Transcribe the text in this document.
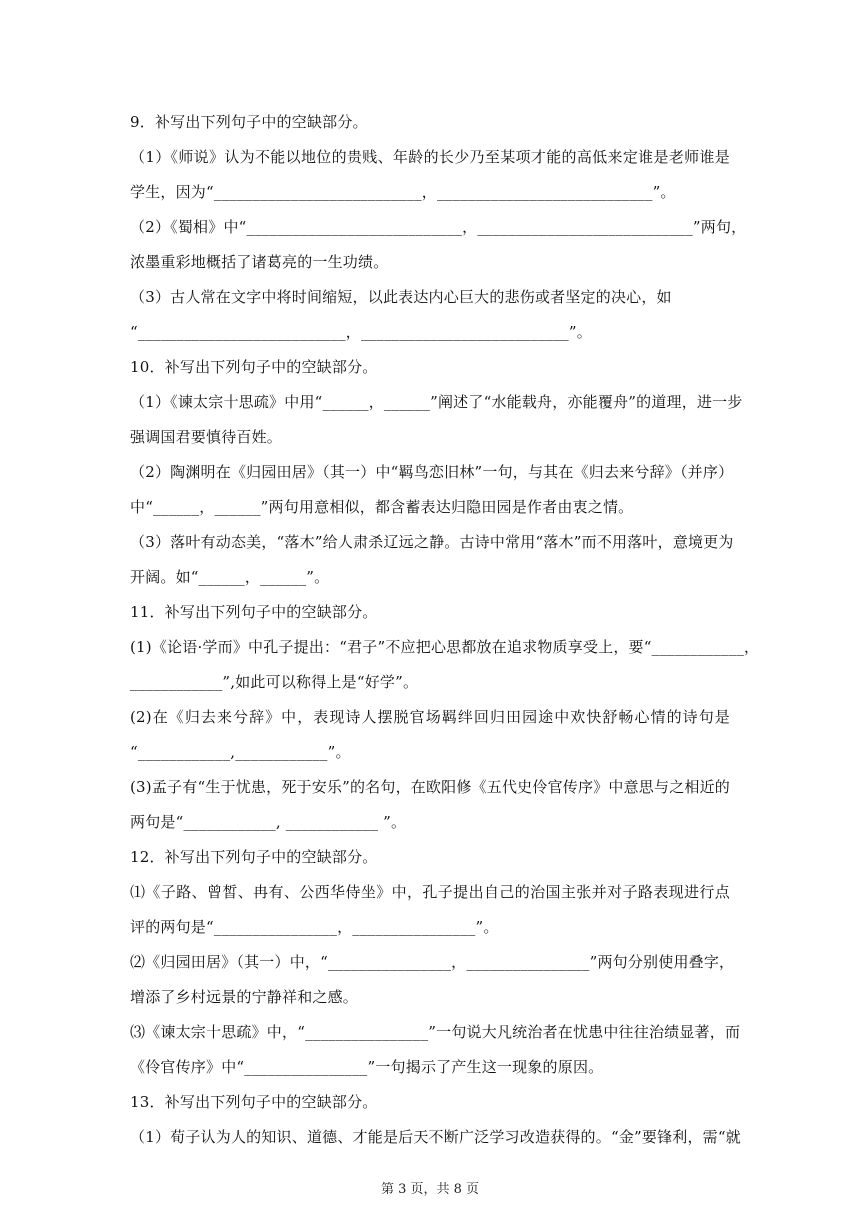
9．补写出下列句子中的空缺部分。
（1）《师说》认为不能以地位的贵贱、年龄的长少乃至某项才能的高低来定谁是老师谁是
学生，因为“___________________________，____________________________”。
（2）《蜀相》中“____________________________，____________________________”两句，
浓墨重彩地概括了诸葛亮的一生功绩。
（3）古人常在文字中将时间缩短，以此表达内心巨大的悲伤或者坚定的决心，如
“___________________________，___________________________”。
10．补写出下列句子中的空缺部分。
（1）《谏太宗十思疏》中用“______，______”阐述了“水能载舟，亦能覆舟”的道理，进一步
强调国君要慎待百姓。
（2）陶渊明在《归园田居》（其一）中“羁鸟恋旧林”一句，与其在《归去来兮辞》（并序）
中“______，______”两句用意相似，都含蓄表达归隐田园是作者由衷之情。
（3）落叶有动态美，“落木”给人肃杀辽远之静。古诗中常用“落木”而不用落叶，意境更为
开阔。如“______，______”。
11．补写出下列句子中的空缺部分。
(1)《论语·学而》中孔子提出：“君子”不应把心思都放在追求物质享受上，要“____________，
____________”,如此可以称得上是“好学”。
(2)在《归去来兮辞》中，表现诗人摆脱官场羁绊回归田园途中欢快舒畅心情的诗句是
“____________,____________”。
(3)孟子有“生于忧患，死于安乐”的名句，在欧阳修《五代史伶官传序》中意思与之相近的
两句是“____________, ____________ ”。
12．补写出下列句子中的空缺部分。
⑴《子路、曾皙、冉有、公西华侍坐》中，孔子提出自己的治国主张并对子路表现进行点
评的两句是“________________，________________”。
⑵《归园田居》（其一）中，“________________，________________”两句分别使用叠字，
增添了乡村远景的宁静祥和之感。
⑶《谏太宗十思疏》中，“________________”一句说大凡统治者在忧患中往往治绩显著，而
《伶官传序》中“________________”一句揭示了产生这一现象的原因。
13．补写出下列句子中的空缺部分。
（1）荀子认为人的知识、道德、才能是后天不断广泛学习改造获得的。“金”要锋利，需“就
第 3 页，共 8 页
